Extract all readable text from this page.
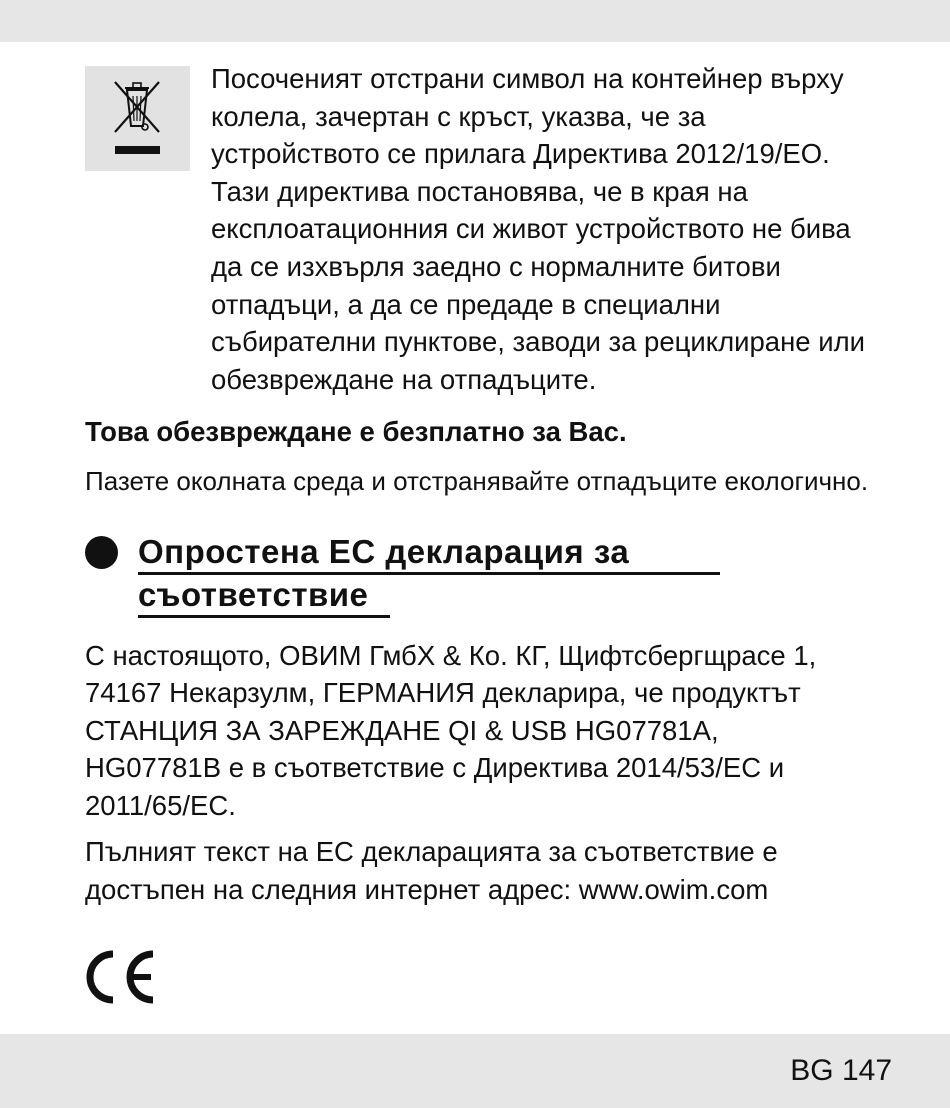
Посоченият отстрани символ на контейнер върху
колела, зачертан с кръст, указва, че за
устройството се прилага Директива 2012/19/ЕО.
Тази директива постановява, че в края на
експлоатационния си живот устройството не бива
да се изхвърля заедно с нормалните битови
отпадъци, а да се предаде в специални
събирателни пунктове, заводи за рециклиране или
обезвреждане на отпадъците.

Това обезвреждане е безплатно за Вас.

Пазете околната среда и отстранявайте отпадъците екологично.

Опростена ЕС декларация за
съответствие
С настоящото, ОВИМ ГмбХ & Ко. КГ, Щифтсбергщрасе 1,
74167 Некарзулм, ГЕРМАНИЯ декларира, че продуктът
СТАНЦИЯ ЗА ЗАРЕЖДАНЕ QI & USB HG07781A,
HG07781B е в съответствие с Директива 2014/53/ЕС и
2011/65/ЕС.
Пълният текст на ЕС декларацията за съответствие е
достъпен на следния интернет адрес: www.owim.com
BG 147
